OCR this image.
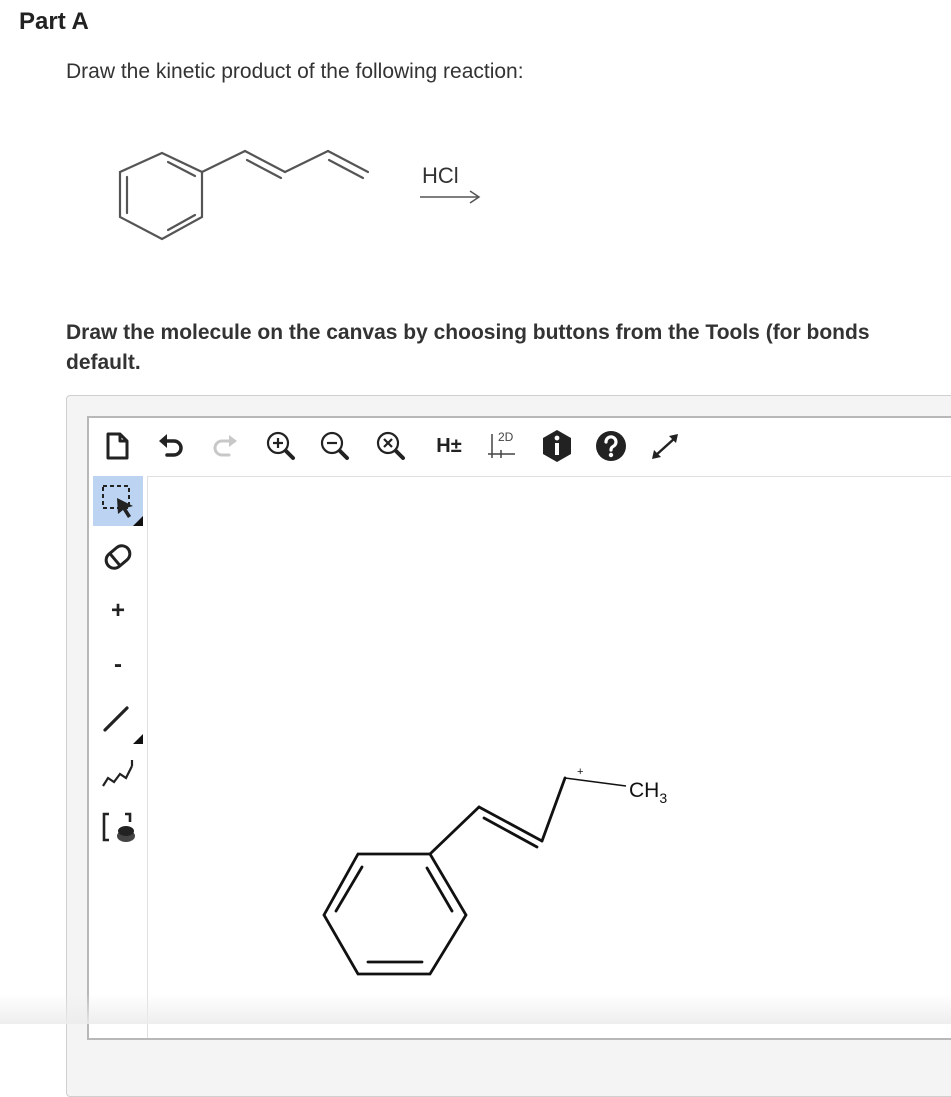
Part A
Draw the kinetic product of the following reaction:
HCl
Draw the molecule on the canvas by choosing buttons from the Tools (for bonds
default.
H±	2D
+
-
+
$CH_3$
